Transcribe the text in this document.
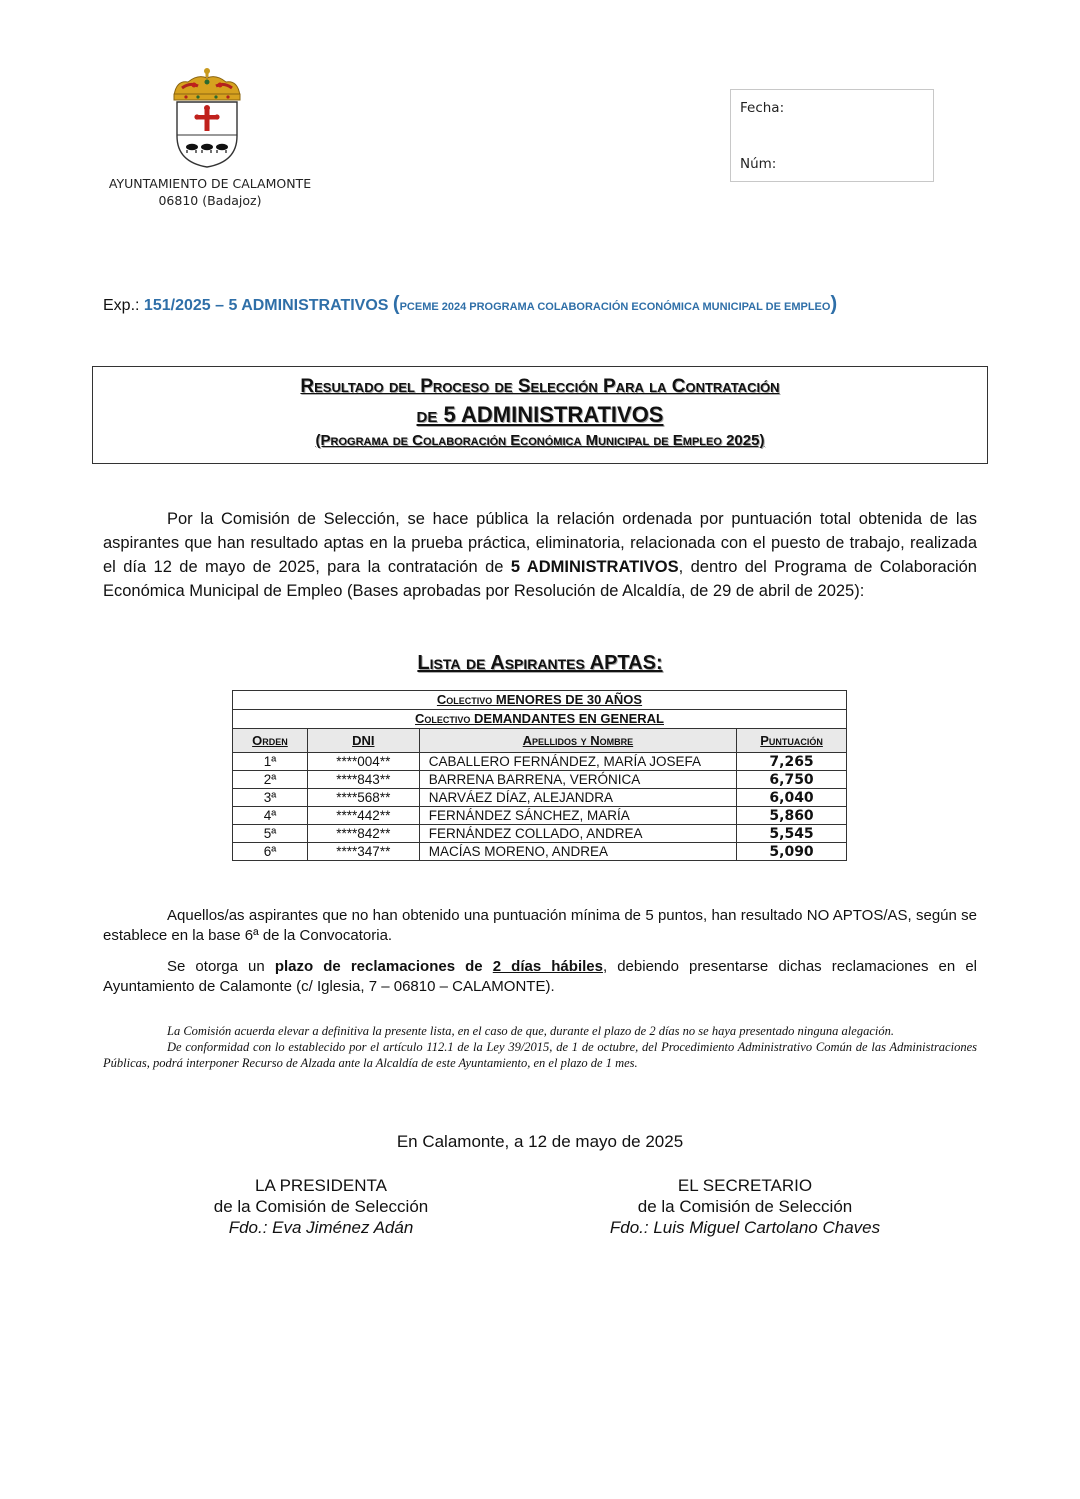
AYUNTAMIENTO DE CALAMONTE
06810 (Badajoz)
Fecha:
Núm:
Exp.: 151/2025 – 5 ADMINISTRATIVOS (PCEME 2024 PROGRAMA COLABORACIÓN ECONÓMICA MUNICIPAL DE EMPLEO)
Resultado del Proceso de Selección Para la Contratación
de 5 ADMINISTRATIVOS
(Programa de Colaboración Económica Municipal de Empleo 2025)

Por la Comisión de Selección, se hace pública la relación ordenada por puntuación total obtenida de las aspirantes que han resultado aptas en la prueba práctica, eliminatoria, relacionada con el puesto de trabajo, realizada el día 12 de mayo de 2025, para la contratación de 5 ADMINISTRATIVOS, dentro del Programa de Colaboración Económica Municipal de Empleo (Bases aprobadas por Resolución de Alcaldía, de 29 de abril de 2025):

Lista de Aspirantes APTAS:
Colectivo MENORES DE 30 AÑOS			
Colectivo DEMANDANTES EN GENERAL			
Orden	DNI	Apellidos y Nombre	Puntuación
1ª	****004**	CABALLERO FERNÁNDEZ, MARÍA JOSEFA	7,265
2ª	****843**	BARRENA BARRENA, VERÓNICA	6,750
3ª	****568**	NARVÁEZ DÍAZ, ALEJANDRA	6,040
4ª	****442**	FERNÁNDEZ SÁNCHEZ, MARÍA	5,860
5ª	****842**	FERNÁNDEZ COLLADO, ANDREA	5,545
6ª	****347**	MACÍAS MORENO, ANDREA	5,090

Aquellos/as aspirantes que no han obtenido una puntuación mínima de 5 puntos, han resultado NO APTOS/AS, según se establece en la base 6ª de la Convocatoria.

Se otorga un plazo de reclamaciones de 2 días hábiles, debiendo presentarse dichas reclamaciones en el Ayuntamiento de Calamonte (c/ Iglesia, 7 – 06810 – CALAMONTE).

La Comisión acuerda elevar a definitiva la presente lista, en el caso de que, durante el plazo de 2 días no se haya presentado ninguna alegación.

De conformidad con lo establecido por el artículo 112.1 de la Ley 39/2015, de 1 de octubre, del Procedimiento Administrativo Común de las Administraciones Públicas, podrá interponer Recurso de Alzada ante la Alcaldía de este Ayuntamiento, en el plazo de 1 mes.

En Calamonte, a 12 de mayo de 2025
LA PRESIDENTA
de la Comisión de Selección
Fdo.: Eva Jiménez Adán
EL SECRETARIO
de la Comisión de Selección
Fdo.: Luis Miguel Cartolano Chaves
